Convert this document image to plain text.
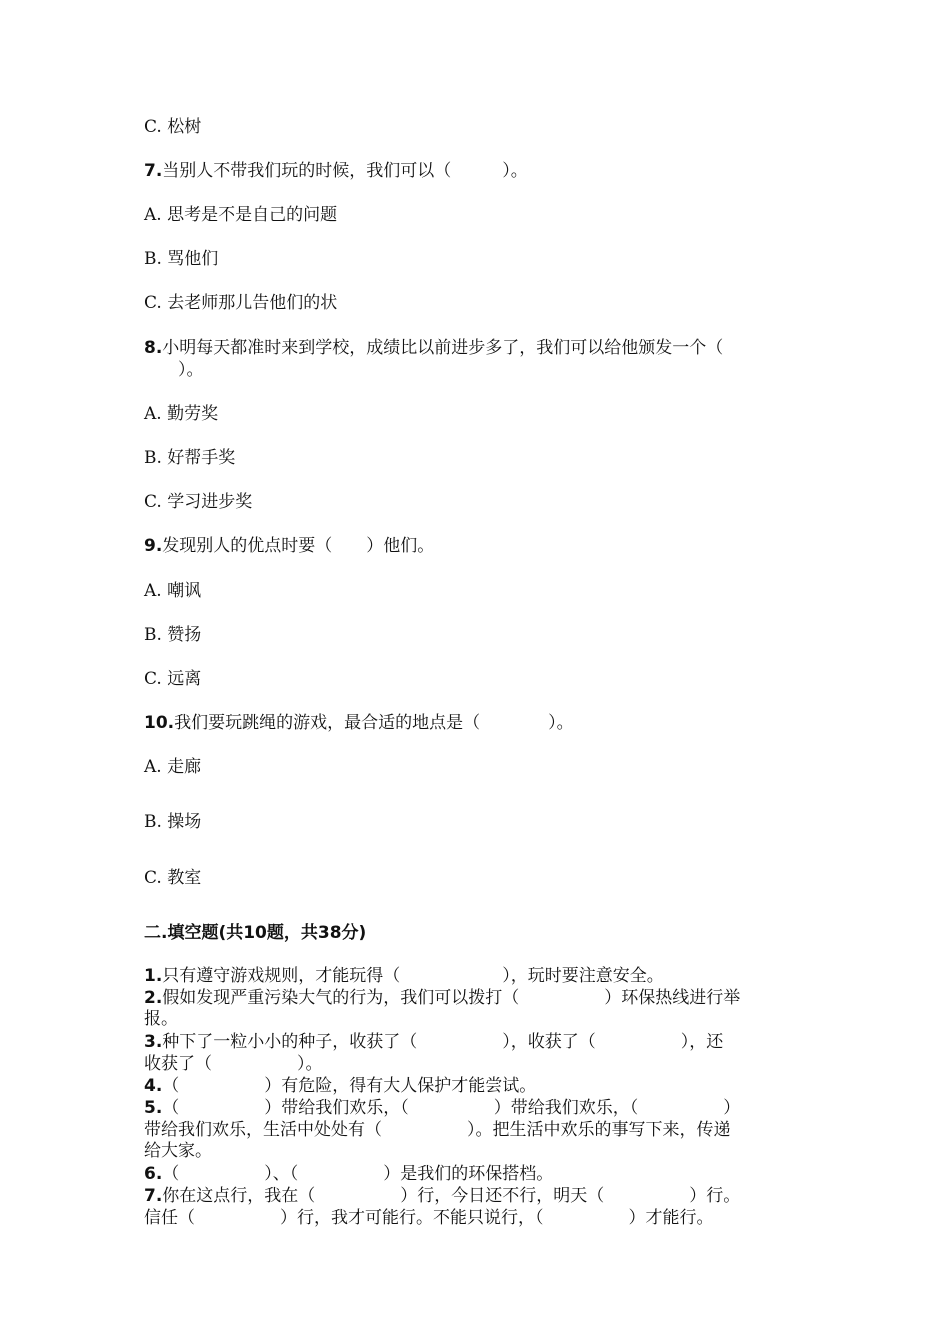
C. 松树
7.当别人不带我们玩的时候，我们可以（　　　）。
A. 思考是不是自己的问题
B. 骂他们
C. 去老师那儿告他们的状
8.小明每天都准时来到学校，成绩比以前进步多了，我们可以给他颁发一个（
　　）。
A. 勤劳奖
B. 好帮手奖
C. 学习进步奖
9.发现别人的优点时要（　　）他们。
A. 嘲讽
B. 赞扬
C. 远离
10.我们要玩跳绳的游戏，最合适的地点是（　　　　）。
A. 走廊
B. 操场
C. 教室
二.填空题(共10题，共38分)
1.只有遵守游戏规则，才能玩得（　　　　　　），玩时要注意安全。
2.假如发现严重污染大气的行为，我们可以拨打（　　　　　）环保热线进行举
报。
3.种下了一粒小小的种子，收获了（　　　　　），收获了（　　　　　），还
收获了（　　　　　）。
4.（　　　　　）有危险，得有大人保护才能尝试。
5.（　　　　　）带给我们欢乐，（　　　　　）带给我们欢乐，（　　　　　）
带给我们欢乐，生活中处处有（　　　　　）。把生活中欢乐的事写下来，传递
给大家。
6.（　　　　　）、（　　　　　）是我们的环保搭档。
7.你在这点行，我在（　　　　　）行，今日还不行，明天（　　　　　）行。
信任（　　　　　）行，我才可能行。不能只说行，（　　　　　）才能行。
